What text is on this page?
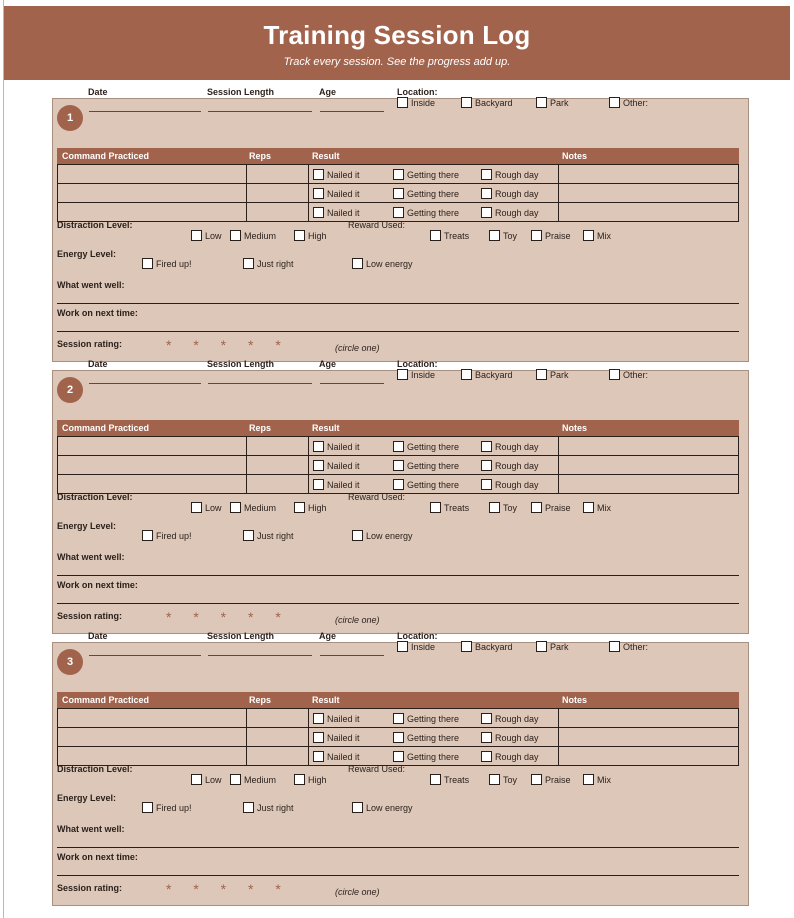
Training Session Log
Track every session. See the progress add up.
Date	Session Length	Age	Location:
1
Inside	Backyard	Park	Other:
Command Practiced	Reps	Result	Notes
Nailed it	Getting there	Rough day
Nailed it	Getting there	Rough day
Nailed it	Getting there	Rough day
Distraction Level:	Reward Used:
Low Medium	High	Treats	Toy	Praise	Mix
Energy Level:
Fired up!	Just right	Low energy
What went well:
Work on next time:
Session rating:	* * * * *	(circle one)
Date	Session Length	Age	Location:
2
Inside	Backyard	Park	Other:
Command Practiced	Reps	Result	Notes
Nailed it	Getting there	Rough day
Nailed it	Getting there	Rough day
Nailed it	Getting there	Rough day
Distraction Level:	Reward Used:
Low Medium	High	Treats	Toy	Praise	Mix
Energy Level:
Fired up!	Just right	Low energy
What went well:
Work on next time:
Session rating:	* * * * *	(circle one)
Date	Session Length	Age	Location:
3
Inside	Backyard	Park	Other:
Command Practiced	Reps	Result	Notes
Nailed it	Getting there	Rough day
Nailed it	Getting there	Rough day
Nailed it	Getting there	Rough day
Distraction Level:	Reward Used:
Low Medium	High	Treats	Toy	Praise	Mix
Energy Level:
Fired up!	Just right	Low energy
What went well:
Work on next time:
Session rating:	* * * * *	(circle one)
